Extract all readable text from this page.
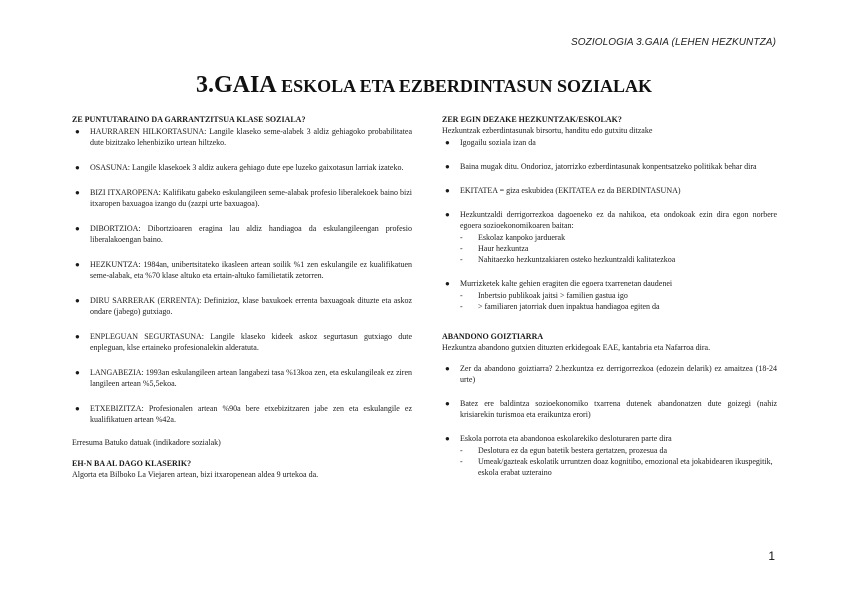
SOZIOLOGIA 3.GAIA (LEHEN HEZKUNTZA)
3.GAIA ESKOLA ETA EZBERDINTASUN SOZIALAK

ZE PUNTUTARAINO DA GARRANTZITSUA KLASE SOZIALA?

● HAURRAREN HILKORTASUNA: Langile klaseko seme-alabek 3 aldiz gehiagoko probabilitatea dute bizitzako lehenbiziko urtean hiltzeko.
● OSASUNA: Langile klasekoek 3 aldiz aukera gehiago dute epe luzeko gaixotasun larriak izateko.
● BIZI ITXAROPENA: Kalifikatu gabeko eskulangileen seme-alabak profesio liberalekoek baino bizi itxaropen baxuagoa izango du (zazpi urte baxuagoa).
● DIBORTZIOA: Dibortzioaren eragina lau aldiz handiagoa da eskulangileengan profesio liberalakoengan baino.
● HEZKUNTZA: 1984an, unibertsitateko ikasleen artean soilik %1 zen eskulangile ez kualifikatuen seme-alabak, eta %70 klase altuko eta ertain-altuko familietatik zetorren.
● DIRU SARRERAK (ERRENTA): Definizioz, klase baxukoek errenta baxuagoak dituzte eta askoz ondare (jabego) gutxiago.
● ENPLEGUAN SEGURTASUNA: Langile klaseko kideek askoz segurtasun gutxiago dute enpleguan, klse ertaineko profesionalekin alderatuta.
● LANGABEZIA: 1993an eskulangileen artean langabezi tasa %13koa zen, eta eskulangileak ez ziren langileen artean %5,5ekoa.
● ETXEBIZITZA: Profesionalen artean %90a bere etxebizitzaren jabe zen eta eskulangile ez kualifikatuen artean %42a.

Erresuma Batuko datuak (indikadore sozialak)

EH-N BA AL DAGO KLASERIK?

Algorta eta Bilboko La Viejaren artean, bizi itxaropenean aldea 9 urtekoa da.

ZER EGIN DEZAKE HEZKUNTZAK/ESKOLAK?

Hezkuntzak ezberdintasunak birsortu, handitu edo gutxitu ditzake

● Igogailu soziala izan da
● Baina mugak ditu. Ondorioz, jatorrizko ezberdintasunak konpentsatzeko politikak behar dira
● EKITATEA = giza eskubidea (EKITATEA ez da BERDINTASUNA)
● Hezkuntzaldi derrigorrezkoa dagoeneko ez da nahikoa, eta ondokoak ezin dira egon norbere egoera sozioekonomikoaren baitan:
- Eskolaz kanpoko jarduerak
- Haur hezkuntza
- Nahitaezko hezkuntzakiaren osteko hezkuntzaldi kalitatezkoa
● Murrizketek kalte gehien eragiten die egoera txarrenetan daudenei
- Inbertsio publikoak jaitsi > familien gastua igo
- > familiaren jatorriak duen inpaktua handiagoa egiten da

ABANDONO GOIZTIARRA

Hezkuntza abandono gutxien dituzten erkidegoak EAE, kantabria eta Nafarroa dira.

● Zer da abandono goiztiarra? 2.hezkuntza ez derrigorrezkoa (edozein delarik) ez amaitzea (18-24 urte)
● Batez ere baldintza sozioekonomiko txarrena dutenek abandonatzen dute goizegi (nahiz krisiarekin turismoa eta eraikuntza erori)
● Eskola porrota eta abandonoa eskolarekiko desloturaren parte dira
- Deslotura ez da egun batetik bestera gertatzen, prozesua da
- Umeak/gazteak eskolatik urruntzen doaz kognitibo, emozional eta jokabidearen ikuspegitik, eskola erabat uzteraino
1
